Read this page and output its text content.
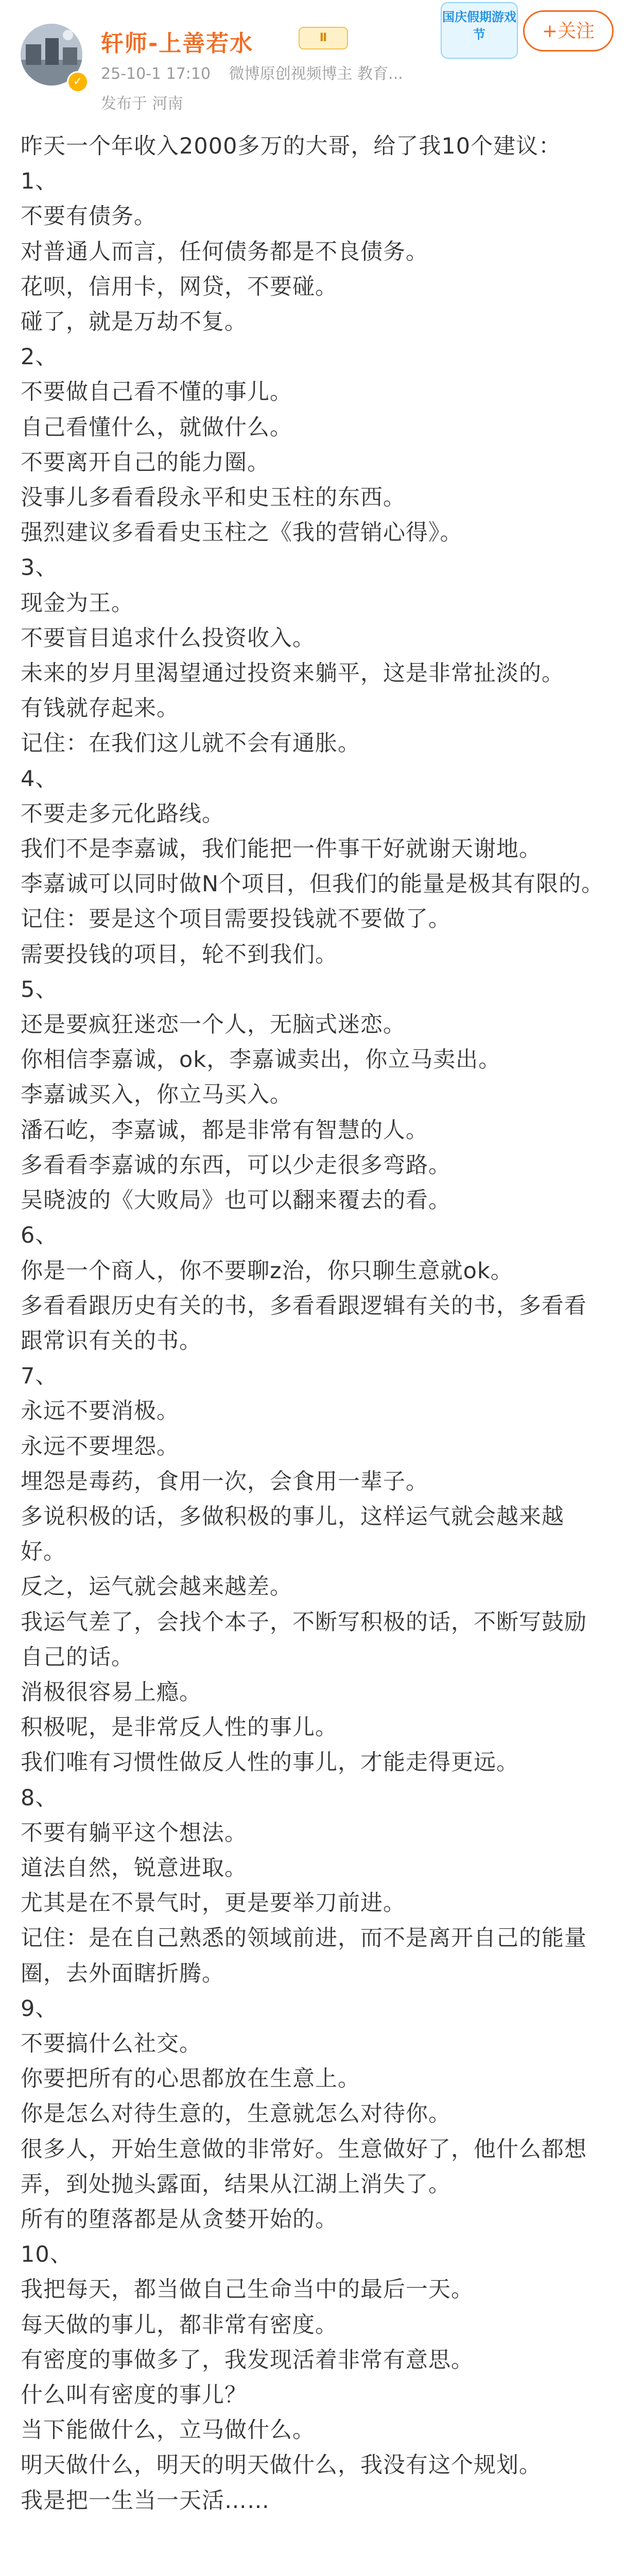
✓
轩师-上善若水	Ⅱ
25-10-1 17:10 微博原创视频博主 教育...
发布于 河南
国庆假期游戏节	+关注

昨天一个年收入2000多万的大哥，给了我10个建议：

1、

不要有债务。

对普通人而言，任何债务都是不良债务。

花呗，信用卡，网贷，不要碰。

碰了，就是万劫不复。

2、

不要做自己看不懂的事儿。

自己看懂什么，就做什么。

不要离开自己的能力圈。

没事儿多看看段永平和史玉柱的东西。

强烈建议多看看史玉柱之《我的营销心得》。

3、

现金为王。

不要盲目追求什么投资收入。

未来的岁月里渴望通过投资来躺平，这是非常扯淡的。

有钱就存起来。

记住：在我们这儿就不会有通胀。

4、

不要走多元化路线。

我们不是李嘉诚，我们能把一件事干好就谢天谢地。

李嘉诚可以同时做N个项目，但我们的能量是极其有限的。

记住：要是这个项目需要投钱就不要做了。

需要投钱的项目，轮不到我们。

5、

还是要疯狂迷恋一个人，无脑式迷恋。

你相信李嘉诚，ok，李嘉诚卖出，你立马卖出。

李嘉诚买入，你立马买入。

潘石屹，李嘉诚，都是非常有智慧的人。

多看看李嘉诚的东西，可以少走很多弯路。

吴晓波的《大败局》也可以翻来覆去的看。

6、

你是一个商人，你不要聊z治，你只聊生意就ok。

多看看跟历史有关的书，多看看跟逻辑有关的书，多看看跟常识有关的书。

7、

永远不要消极。

永远不要埋怨。

埋怨是毒药，食用一次，会食用一辈子。

多说积极的话，多做积极的事儿，这样运气就会越来越好。

反之，运气就会越来越差。

我运气差了，会找个本子，不断写积极的话，不断写鼓励自己的话。

消极很容易上瘾。

积极呢，是非常反人性的事儿。

我们唯有习惯性做反人性的事儿，才能走得更远。

8、

不要有躺平这个想法。

道法自然，锐意进取。

尤其是在不景气时，更是要举刀前进。

记住：是在自己熟悉的领域前进，而不是离开自己的能量圈，去外面瞎折腾。

9、

不要搞什么社交。

你要把所有的心思都放在生意上。

你是怎么对待生意的，生意就怎么对待你。

很多人，开始生意做的非常好。生意做好了，他什么都想弄，到处抛头露面，结果从江湖上消失了。

所有的堕落都是从贪婪开始的。

10、

我把每天，都当做自己生命当中的最后一天。

每天做的事儿，都非常有密度。

有密度的事做多了，我发现活着非常有意思。

什么叫有密度的事儿？

当下能做什么，立马做什么。

明天做什么，明天的明天做什么，我没有这个规划。

我是把一生当一天活……
